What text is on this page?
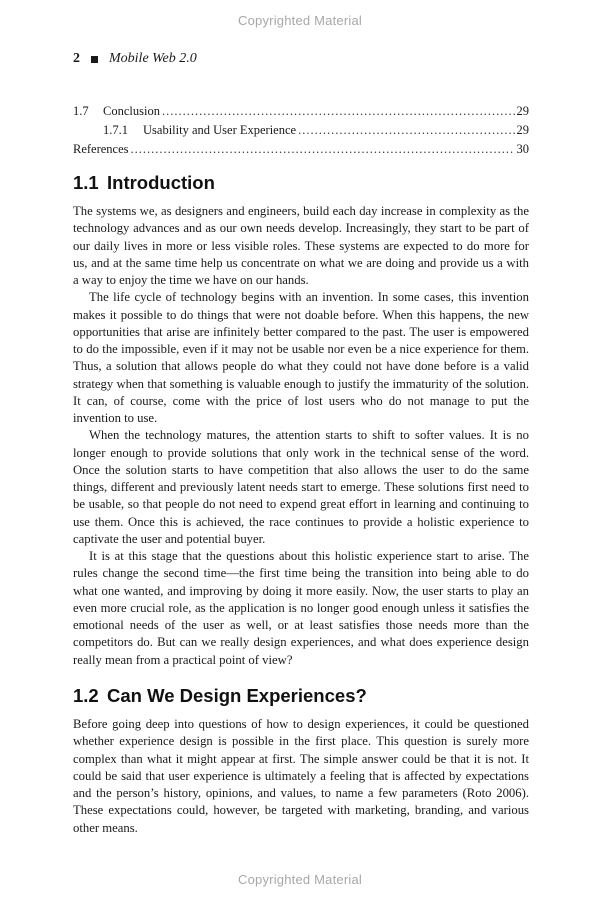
Copyrighted Material
2 Mobile Web 2.0
1.7	Conclusion .....	29
1.7.1	Usability and User Experience .....	29
References .....	30
1.1 Introduction

The systems we, as designers and engineers, build each day increase in complexity as the technology advances and as our own needs develop. Increasingly, they start to be part of our daily lives in more or less visible roles. These systems are expected to do more for us, and at the same time help us concentrate on what we are doing and provide us a with a way to enjoy the time we have on our hands.

The life cycle of technology begins with an invention. In some cases, this invention makes it possible to do things that were not doable before. When this happens, the new opportunities that arise are infinitely better compared to the past. The user is empowered to do the impossible, even if it may not be usable nor even be a nice experience for them. Thus, a solution that allows people do what they could not have done before is a valid strategy when that something is valuable enough to justify the immaturity of the solution. It can, of course, come with the price of lost users who do not manage to put the invention to use.

When the technology matures, the attention starts to shift to softer values. It is no longer enough to provide solutions that only work in the technical sense of the word. Once the solution starts to have competition that also allows the user to do the same things, different and previously latent needs start to emerge. These solutions first need to be usable, so that people do not need to expend great effort in learning and continuing to use them. Once this is achieved, the race continues to provide a holistic experience to captivate the user and potential buyer.

It is at this stage that the questions about this holistic experience start to arise. The rules change the second time—the first time being the transition into being able to do what one wanted, and improving by doing it more easily. Now, the user starts to play an even more crucial role, as the application is no longer good enough unless it satisfies the emotional needs of the user as well, or at least satisfies those needs more than the competitors do. But can we really design experiences, and what does experience design really mean from a practical point of view?

1.2 Can We Design Experiences?

Before going deep into questions of how to design experiences, it could be questioned whether experience design is possible in the first place. This question is surely more complex than what it might appear at first. The simple answer could be that it is not. It could be said that user experience is ultimately a feeling that is affected by expectations and the person’s history, opinions, and values, to name a few parameters (Roto 2006). These expectations could, however, be targeted with marketing, branding, and various other means.

Copyrighted Material
